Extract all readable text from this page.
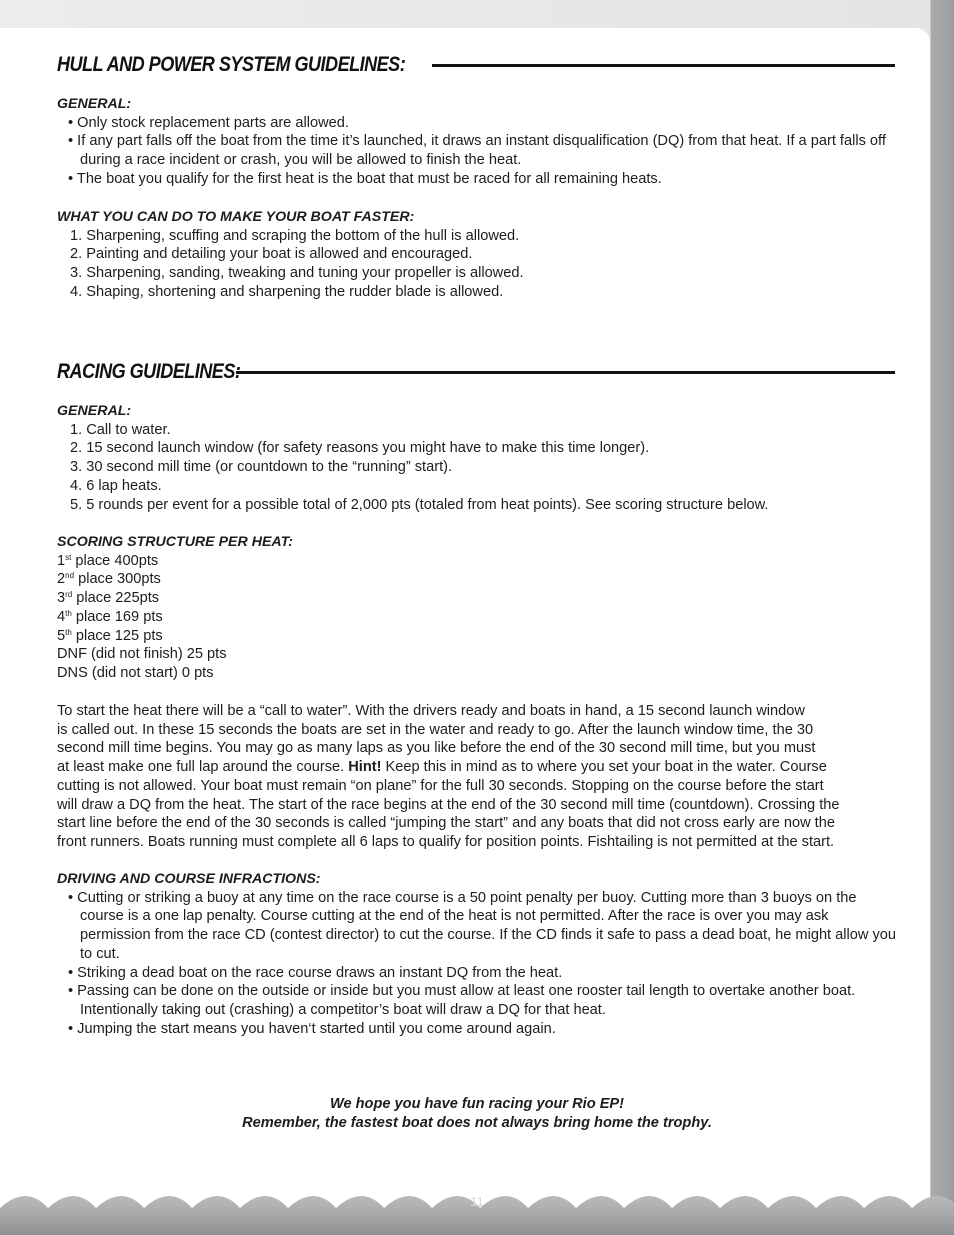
HULL AND POWER SYSTEM GUIDELINES:

GENERAL:

• Only stock replacement parts are allowed.

• If any part falls off the boat from the time it’s launched, it draws an instant disqualification (DQ) from that heat. If a part falls off during a race incident or crash, you will be allowed to finish the heat.

• The boat you qualify for the first heat is the boat that must be raced for all remaining heats.

WHAT YOU CAN DO TO MAKE YOUR BOAT FASTER:

1. Sharpening, scuffing and scraping the bottom of the hull is allowed.

2. Painting and detailing your boat is allowed and encouraged.

3. Sharpening, sanding, tweaking and tuning your propeller is allowed.

4. Shaping, shortening and sharpening the rudder blade is allowed.

RACING GUIDELINES:

GENERAL:

1. Call to water.

2. 15 second launch window (for safety reasons you might have to make this time longer).

3. 30 second mill time (or countdown to the “running” start).

4. 6 lap heats.

5. 5 rounds per event for a possible total of 2,000 pts (totaled from heat points). See scoring structure below.

SCORING STRUCTURE PER HEAT:

1st place 400pts

2nd place 300pts

3rd place 225pts

4th place 169 pts

5th place 125 pts

DNF (did not finish) 25 pts

DNS (did not start) 0 pts

To start the heat there will be a “call to water”. With the drivers ready and boats in hand, a 15 second launch window

is called out. In these 15 seconds the boats are set in the water and ready to go. After the launch window time, the 30

second mill time begins. You may go as many laps as you like before the end of the 30 second mill time, but you must

at least make one full lap around the course. Hint! Keep this in mind as to where you set your boat in the water. Course

cutting is not allowed. Your boat must remain “on plane” for the full 30 seconds. Stopping on the course before the start

will draw a DQ from the heat. The start of the race begins at the end of the 30 second mill time (countdown). Crossing the

start line before the end of the 30 seconds is called “jumping the start” and any boats that did not cross early are now the

front runners. Boats running must complete all 6 laps to qualify for position points. Fishtailing is not permitted at the start.

DRIVING AND COURSE INFRACTIONS:

• Cutting or striking a buoy at any time on the race course is a 50 point penalty per buoy. Cutting more than 3 buoys on the course is a one lap penalty. Course cutting at the end of the heat is not permitted. After the race is over you may ask permission from the race CD (contest director) to cut the course. If the CD finds it safe to pass a dead boat, he might allow you to cut.

• Striking a dead boat on the race course draws an instant DQ from the heat.

• Passing can be done on the outside or inside but you must allow at least one rooster tail length to overtake another boat. Intentionally taking out (crashing) a competitor’s boat will draw a DQ for that heat.

• Jumping the start means you haven‘t started until you come around again.

We hope you have fun racing your Rio EP!
Remember, the fastest boat does not always bring home the trophy.
11
